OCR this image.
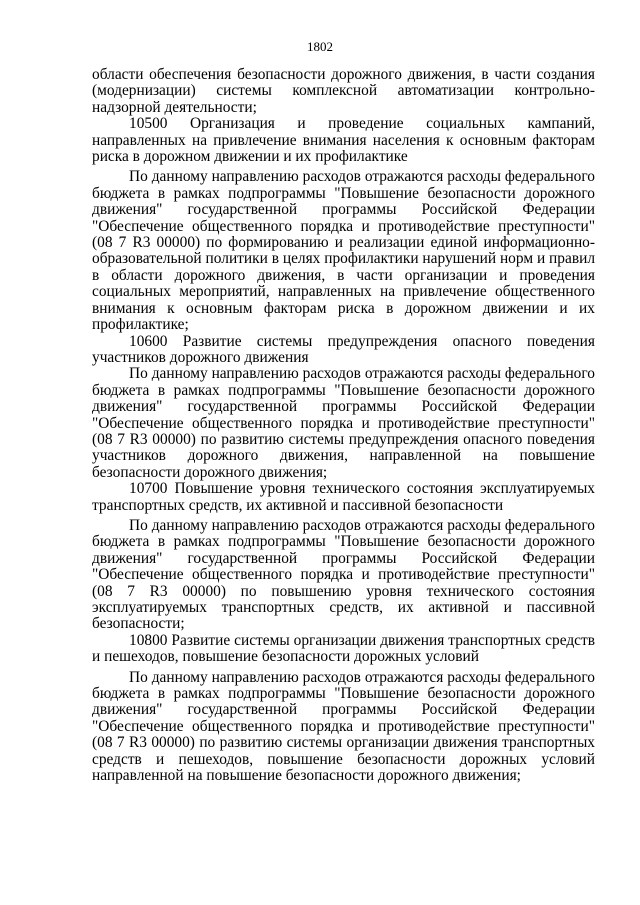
1802

области обеспечения безопасности дорожного движения, в части создания (модернизации) системы комплексной автоматизации контрольно-надзорной деятельности;

10500 Организация и проведение социальных кампаний, направленных на привлечение внимания населения к основным факторам риска в дорожном движении и их профилактике

По данному направлению расходов отражаются расходы федерального бюджета в рамках подпрограммы "Повышение безопасности дорожного движения" государственной программы Российской Федерации "Обеспечение общественного порядка и противодействие преступности" (08 7 R3 00000) по формированию и реализации единой информационно-образовательной политики в целях профилактики нарушений норм и правил в области дорожного движения, в части организации и проведения социальных мероприятий, направленных на привлечение общественного внимания к основным факторам риска в дорожном движении и их профилактике;

10600 Развитие системы предупреждения опасного поведения участников дорожного движения

По данному направлению расходов отражаются расходы федерального бюджета в рамках подпрограммы "Повышение безопасности дорожного движения" государственной программы Российской Федерации "Обеспечение общественного порядка и противодействие преступности" (08 7 R3 00000) по развитию системы предупреждения опасного поведения участников дорожного движения, направленной на повышение безопасности дорожного движения;

10700 Повышение уровня технического состояния эксплуатируемых транспортных средств, их активной и пассивной безопасности

По данному направлению расходов отражаются расходы федерального бюджета в рамках подпрограммы "Повышение безопасности дорожного движения" государственной программы Российской Федерации "Обеспечение общественного порядка и противодействие преступности" (08 7 R3 00000) по повышению уровня технического состояния эксплуатируемых транспортных средств, их активной и пассивной безопасности;

10800 Развитие системы организации движения транспортных средств и пешеходов, повышение безопасности дорожных условий

По данному направлению расходов отражаются расходы федерального бюджета в рамках подпрограммы "Повышение безопасности дорожного движения" государственной программы Российской Федерации "Обеспечение общественного порядка и противодействие преступности" (08 7 R3 00000) по развитию системы организации движения транспортных средств и пешеходов, повышение безопасности дорожных условий направленной на повышение безопасности дорожного движения;
